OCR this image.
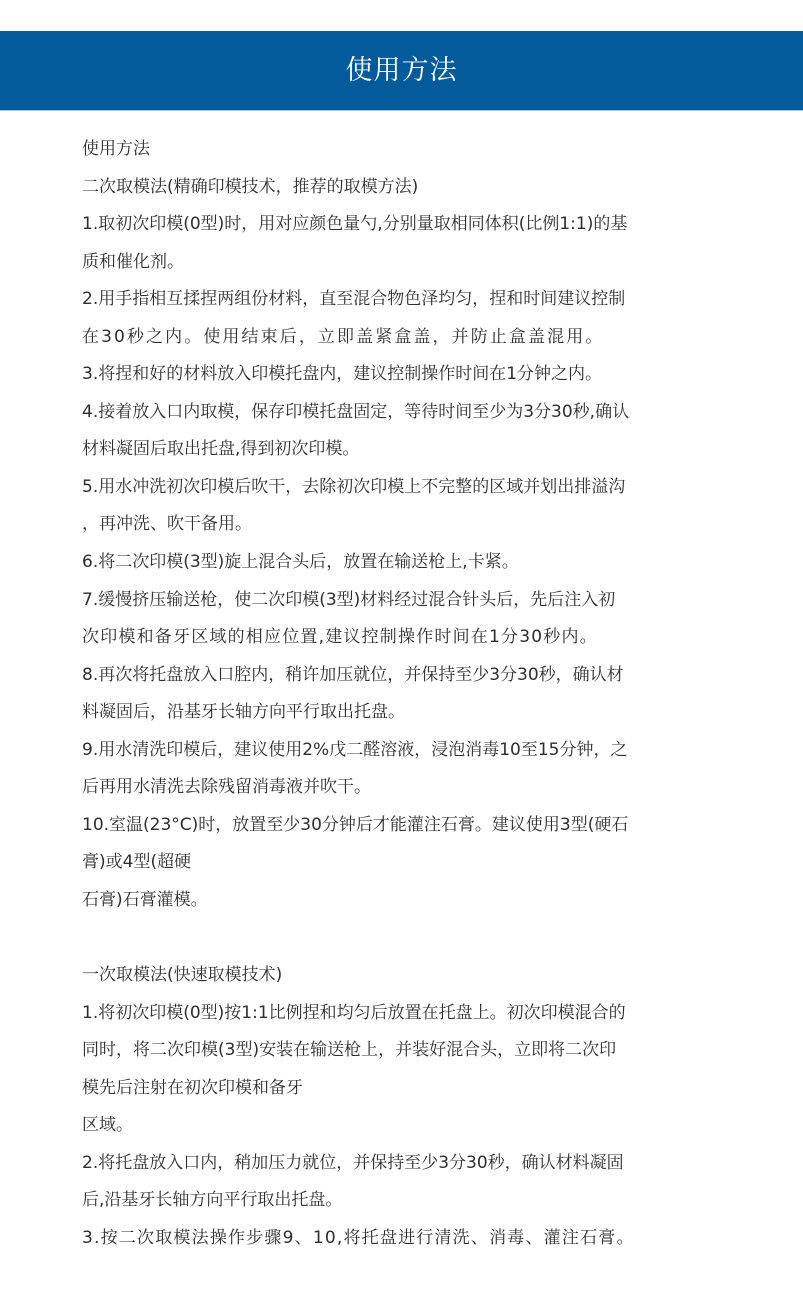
使用方法
使用方法
二次取模法(精确印模技术，推荐的取模方法)
1.取初次印模(0型)时，用对应颜色量勺,分别量取相同体积(比例1:1)的基
质和催化剂。
2.用手指相互揉捏两组份材料，直至混合物色泽均匀，捏和时间建议控制
在30秒之内。使用结束后，立即盖紧盒盖，并防止盒盖混用。
3.将捏和好的材料放入印模托盘内，建议控制操作时间在1分钟之内。
4.接着放入口内取模，保存印模托盘固定，等待时间至少为3分30秒,确认
材料凝固后取出托盘,得到初次印模。
5.用水冲洗初次印模后吹干，去除初次印模上不完整的区域并划出排溢沟
，再冲洗、吹干备用。
6.将二次印模(3型)旋上混合头后，放置在输送枪上,卡紧。
7.缓慢挤压输送枪，使二次印模(3型)材料经过混合针头后，先后注入初
次印模和备牙区域的相应位置,建议控制操作时间在1分30秒内。
8.再次将托盘放入口腔内，稍许加压就位，并保持至少3分30秒，确认材
料凝固后，沿基牙长轴方向平行取出托盘。
9.用水清洗印模后，建议使用2%戊二醛溶液，浸泡消毒10至15分钟，之
后再用水清洗去除残留消毒液并吹干。
10.室温(23°C)时，放置至少30分钟后才能灌注石膏。建议使用3型(硬石
膏)或4型(超硬
石膏)石膏灌模。
一次取模法(快速取模技术)
1.将初次印模(0型)按1:1比例捏和均匀后放置在托盘上。初次印模混合的
同时，将二次印模(3型)安装在输送枪上，并装好混合头，立即将二次印
模先后注射在初次印模和备牙
区域。
2.将托盘放入口内，稍加压力就位，并保持至少3分30秒，确认材料凝固
后,沿基牙长轴方向平行取出托盘。
3.按二次取模法操作步骤9、10,将托盘进行清洗、消毒、灌注石膏。
